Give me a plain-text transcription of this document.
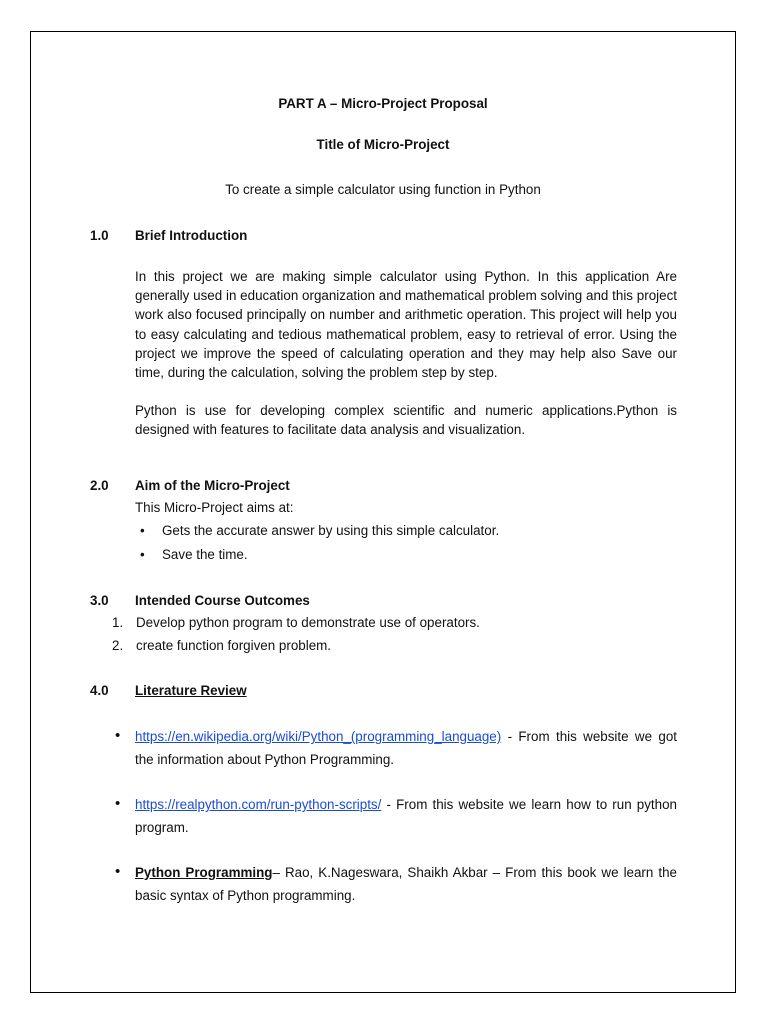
PART A – Micro-Project Proposal
Title of Micro-Project
To create a simple calculator using function in Python
1.0 Brief Introduction
In this project we are making simple calculator using Python. In this application Are generally used in education organization and mathematical problem solving and this project work also focused principally on number and arithmetic operation. This project will help you to easy calculating and tedious mathematical problem, easy to retrieval of error. Using the project we improve the speed of calculating operation and they may help also Save our time, during the calculation, solving the problem step by step.
Python is use for developing complex scientific and numeric applications.Python is designed with features to facilitate data analysis and visualization.
2.0 Aim of the Micro-Project
This Micro-Project aims at:
• Gets the accurate answer by using this simple calculator.
• Save the time.
3.0 Intended Course Outcomes
1. Develop python program to demonstrate use of operators.
2. create function forgiven problem.
4.0 Literature Review
• https://en.wikipedia.org/wiki/Python_(programming_language) - From this website we got the information about Python Programming.
• https://realpython.com/run-python-scripts/ - From this website we learn how to run python program.
• Python Programming– Rao, K.Nageswara, Shaikh Akbar – From this book we learn the basic syntax of Python programming.
